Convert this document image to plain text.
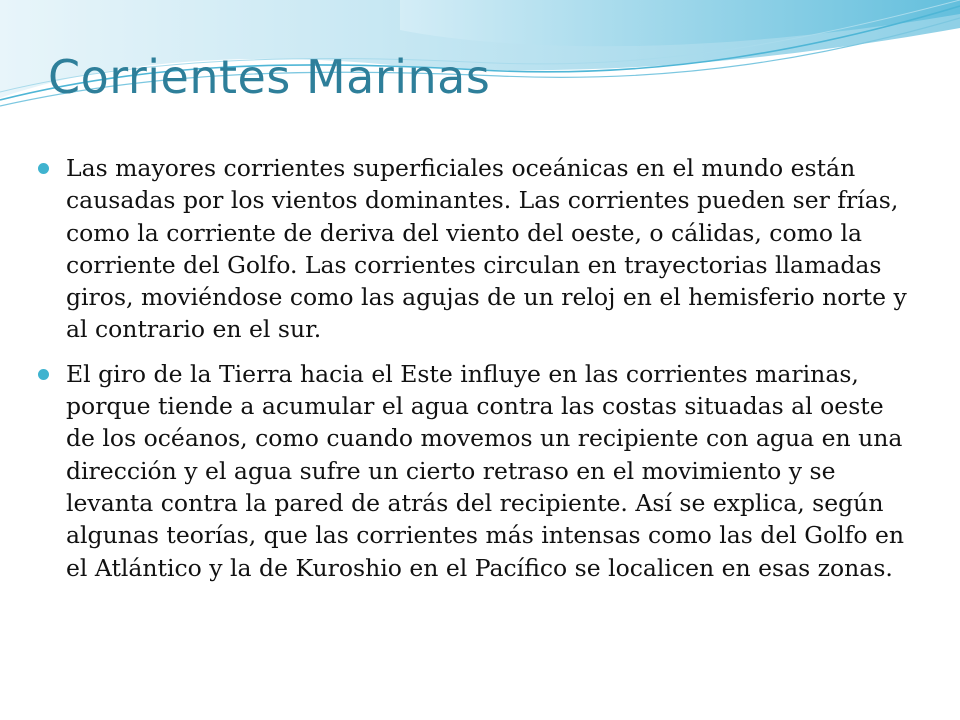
Corrientes Marinas
Las mayores corrientes superficiales oceánicas en el mundo están causadas por los vientos dominantes. Las corrientes pueden ser frías, como la corriente de deriva del viento del oeste, o cálidas, como la corriente del Golfo. Las corrientes circulan en trayectorias llamadas giros, moviéndose como las agujas de un reloj en el hemisferio norte y al contrario en el sur.
El giro de la Tierra hacia el Este influye en las corrientes marinas, porque tiende a acumular el agua contra las costas situadas al oeste de los océanos, como cuando movemos un recipiente con agua en una dirección y el agua sufre un cierto retraso en el movimiento y se levanta contra la pared de atrás del recipiente. Así se explica, según algunas teorías, que las corrientes más intensas como las del Golfo en el Atlántico y la de Kuroshio en el Pacífico se localicen en esas zonas.
